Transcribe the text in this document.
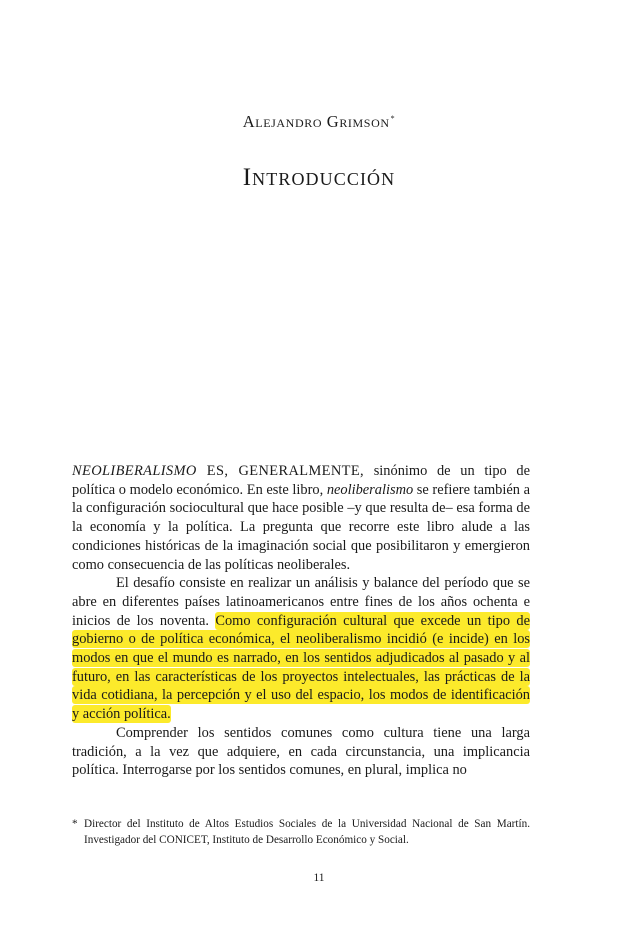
Alejandro Grimson*
Introducción

NEOLIBERALISMO ES, GENERALMENTE, sinónimo de un tipo de política o modelo económico. En este libro, neoliberalismo se refiere también a la configuración sociocultural que hace posible –y que resulta de– esa forma de la economía y la política. La pregunta que recorre este libro alude a las condiciones históricas de la imaginación social que posibilitaron y emergieron como consecuencia de las políticas neoliberales.

El desafío consiste en realizar un análisis y balance del período que se abre en diferentes países latinoamericanos entre fines de los años ochenta e inicios de los noventa. Como configuración cultural que excede un tipo de gobierno o de política económica, el neoliberalismo incidió (e incide) en los modos en que el mundo es narrado, en los sentidos adjudicados al pasado y al futuro, en las características de los proyectos intelectuales, las prácticas de la vida cotidiana, la percepción y el uso del espacio, los modos de identificación y acción política.

Comprender los sentidos comunes como cultura tiene una larga tradición, a la vez que adquiere, en cada circunstancia, una implicancia política. Interrogarse por los sentidos comunes, en plural, implica no

* Director del Instituto de Altos Estudios Sociales de la Universidad Nacional de San Martín. Investigador del CONICET, Instituto de Desarrollo Económico y Social.
11
